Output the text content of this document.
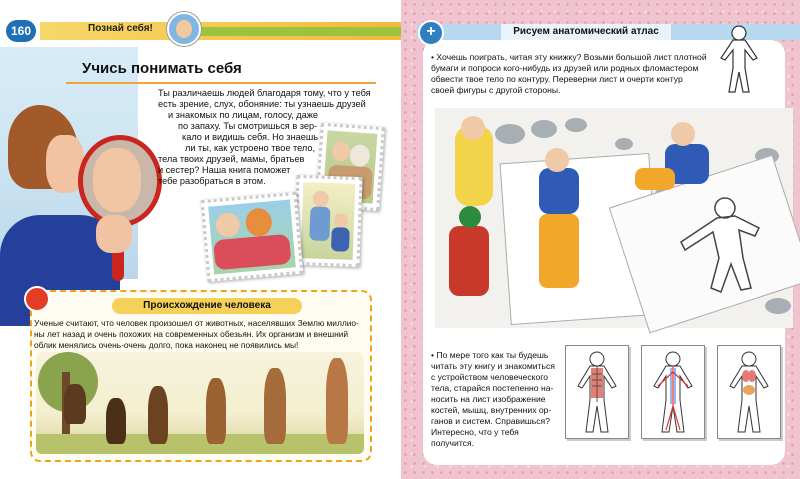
Познай себя!
160
Учись понимать себя
Ты различаешь людей благодаря тому, что у тебя
есть зрение, слух, обоняние: ты узнаешь друзей
и знакомых по лицам, голосу, даже
по запаху. Ты смотришься в зер-
кало и видишь себя. Но знаешь
ли ты, как устроено твое тело,
тела твоих друзей, мамы, братьев
и сестер? Наша книга поможет
тебе разобраться в этом.
Происхождение человека
Ученые считают, что человек произошел от животных, населявших Землю миллио-
ны лет назад и очень похожих на современных обезьян. Их организм и внешний
облик менялись очень-очень долго, пока наконец не появились мы!
Рисуем анатомический атлас
+
• Хочешь поиграть, читая эту книжку? Возьми большой лист плотной
бумаги и попроси кого-нибудь из друзей или родных фломастером
обвести твое тело по контуру. Переверни лист и очерти контур
своей фигуры с другой стороны.
• По мере того как ты будешь
читать эту книгу и знакомиться
с устройством человеческого
тела, старайся постепенно на-
носить на лист изображение
костей, мышц, внутренних ор-
ганов и систем. Справишься?
Интересно, что у тебя
получится.
